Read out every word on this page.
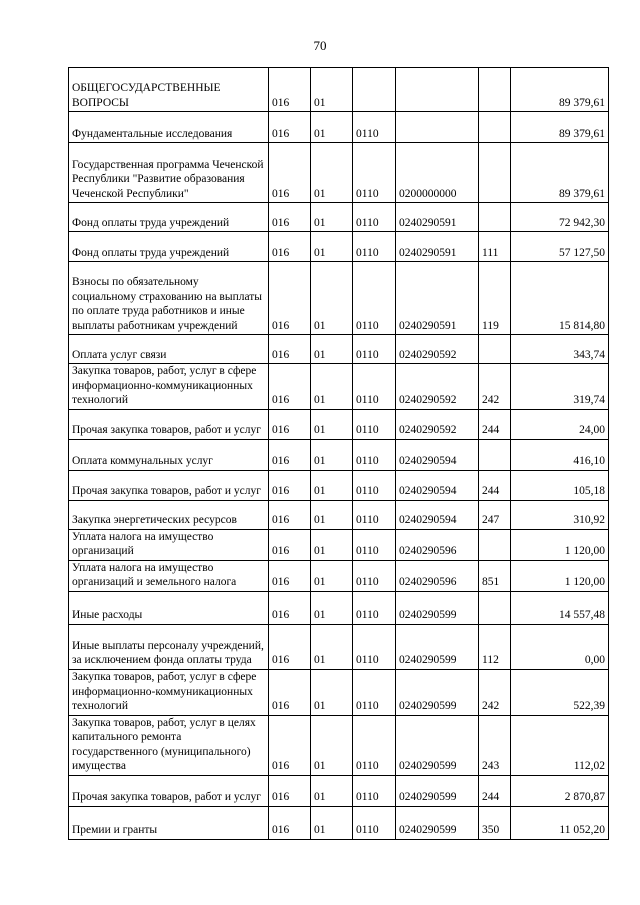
70
ОБЩЕГОСУДАРСТВЕННЫЕ ВОПРОСЫ	016	01				89 379,61
Фундаментальные исследования	016	01	0110			89 379,61
Государственная программа Чеченской Республики "Развитие образования Чеченской Республики"	016	01	0110	0200000000		89 379,61
Фонд оплаты труда учреждений	016	01	0110	0240290591		72 942,30
Фонд оплаты труда учреждений	016	01	0110	0240290591	111	57 127,50
Взносы по обязательному социальному страхованию на выплаты по оплате труда работников и иные выплаты работникам учреждений	016	01	0110	0240290591	119	15 814,80
Оплата услуг связи	016	01	0110	0240290592		343,74
Закупка товаров, работ, услуг в сфере информационно-коммуникационных технологий	016	01	0110	0240290592	242	319,74
Прочая закупка товаров, работ и услуг	016	01	0110	0240290592	244	24,00
Оплата коммунальных услуг	016	01	0110	0240290594		416,10
Прочая закупка товаров, работ и услуг	016	01	0110	0240290594	244	105,18
Закупка энергетических ресурсов	016	01	0110	0240290594	247	310,92
Уплата налога на имущество организаций	016	01	0110	0240290596		1 120,00
Уплата налога на имущество организаций и земельного налога	016	01	0110	0240290596	851	1 120,00
Иные расходы	016	01	0110	0240290599		14 557,48
Иные выплаты персоналу учреждений, за исключением фонда оплаты труда	016	01	0110	0240290599	112	0,00
Закупка товаров, работ, услуг в сфере информационно-коммуникационных технологий	016	01	0110	0240290599	242	522,39
Закупка товаров, работ, услуг в целях капитального ремонта государственного (муниципального) имущества	016	01	0110	0240290599	243	112,02
Прочая закупка товаров, работ и услуг	016	01	0110	0240290599	244	2 870,87
Премии и гранты	016	01	0110	0240290599	350	11 052,20
